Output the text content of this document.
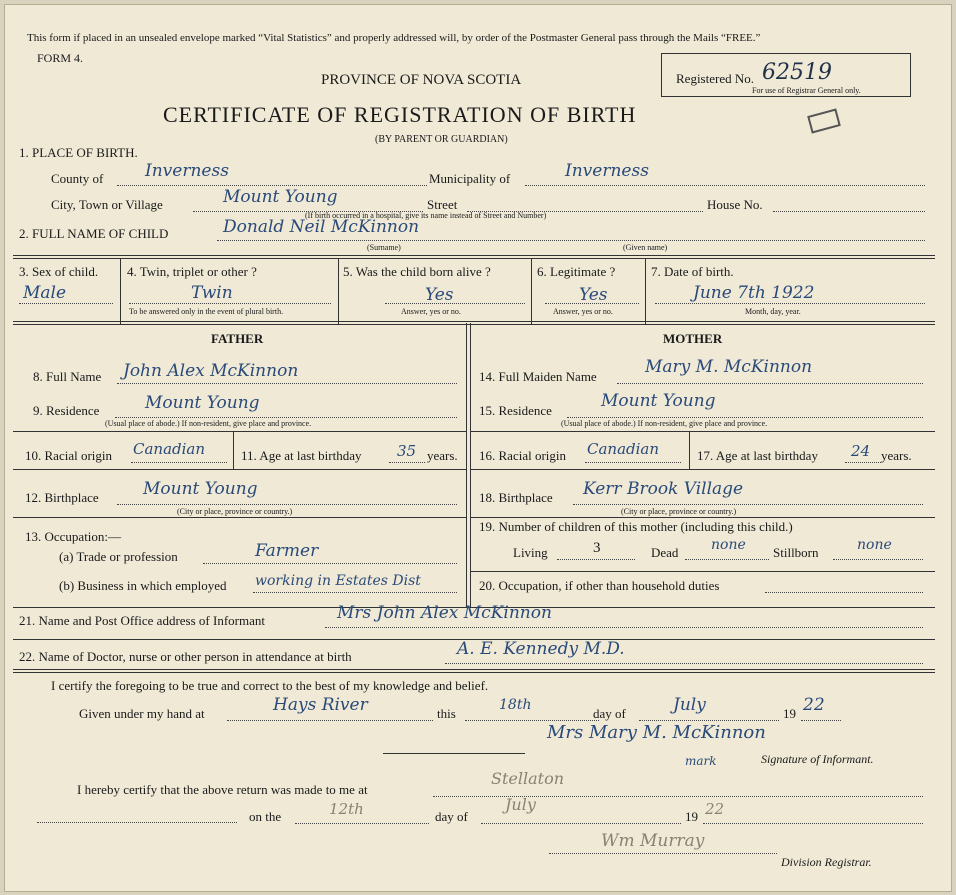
This form if placed in an unsealed envelope marked “Vital Statistics” and properly addressed will, by order of the Postmaster General pass through the Mails “FREE.”
FORM 4.
PROVINCE OF NOVA SCOTIA
CERTIFICATE OF REGISTRATION OF BIRTH
(BY PARENT OR GUARDIAN)
Registered No. 62519
For use of Registrar General only.
1. PLACE OF BIRTH.
County of Inverness	Municipality of	Inverness
City, Town or Village	Mount Young	Street
(If birth occurred in a hospital, give its name instead of Street and Number)
House No.
2. FULL NAME OF CHILD	Donald Neil McKinnon
(Surname)	(Given name)
3. Sex of child.
Male
4. Twin, triplet or other ?
Twin
To be answered only in the event of plural birth.
5. Was the child born alive ?
Yes
Answer, yes or no.
6. Legitimate ?
Yes
Answer, yes or no.
7. Date of birth.
June 7th 1922
Month, day, year.
FATHER	MOTHER
8. Full Name John Alex McKinnon
9. Residence	Mount Young
(Usual place of abode.) If non-resident, give place and province.
10. Racial origin Canadian	11. Age at last birthday 35 years.
12. Birthplace	Mount Young
(City or place, province or country.)
13. Occupation:—
(a) Trade or profession	Farmer
(b) Business in which employed working in Estates Dist
14. Full Maiden Name	Mary M. McKinnon
15. Residence	Mount Young
(Usual place of abode.) If non-resident, give place and province.
16. Racial origin Canadian	17. Age at last birthday 24 years.
18. Birthplace Kerr Brook Village
(City or place, province or country.)
19. Number of children of this mother (including this child.)
Living	3	Dead none Stillborn	none
20. Occupation, if other than household duties
21. Name and Post Office address of Informant	Mrs John Alex McKinnon
22. Name of Doctor, nurse or other person in attendance at birth	A. E. Kennedy M.D.
I certify the foregoing to be true and correct to the best of my knowledge and belief.
Given under my hand at	Hays River	this
18th
day of	July	19 22
Mrs Mary M. McKinnon
mark	Signature of Informant.
I hereby certify that the above return was made to me at
Stellaton
on the	12th	day of
July
19 22
Wm Murray
Division Registrar.
